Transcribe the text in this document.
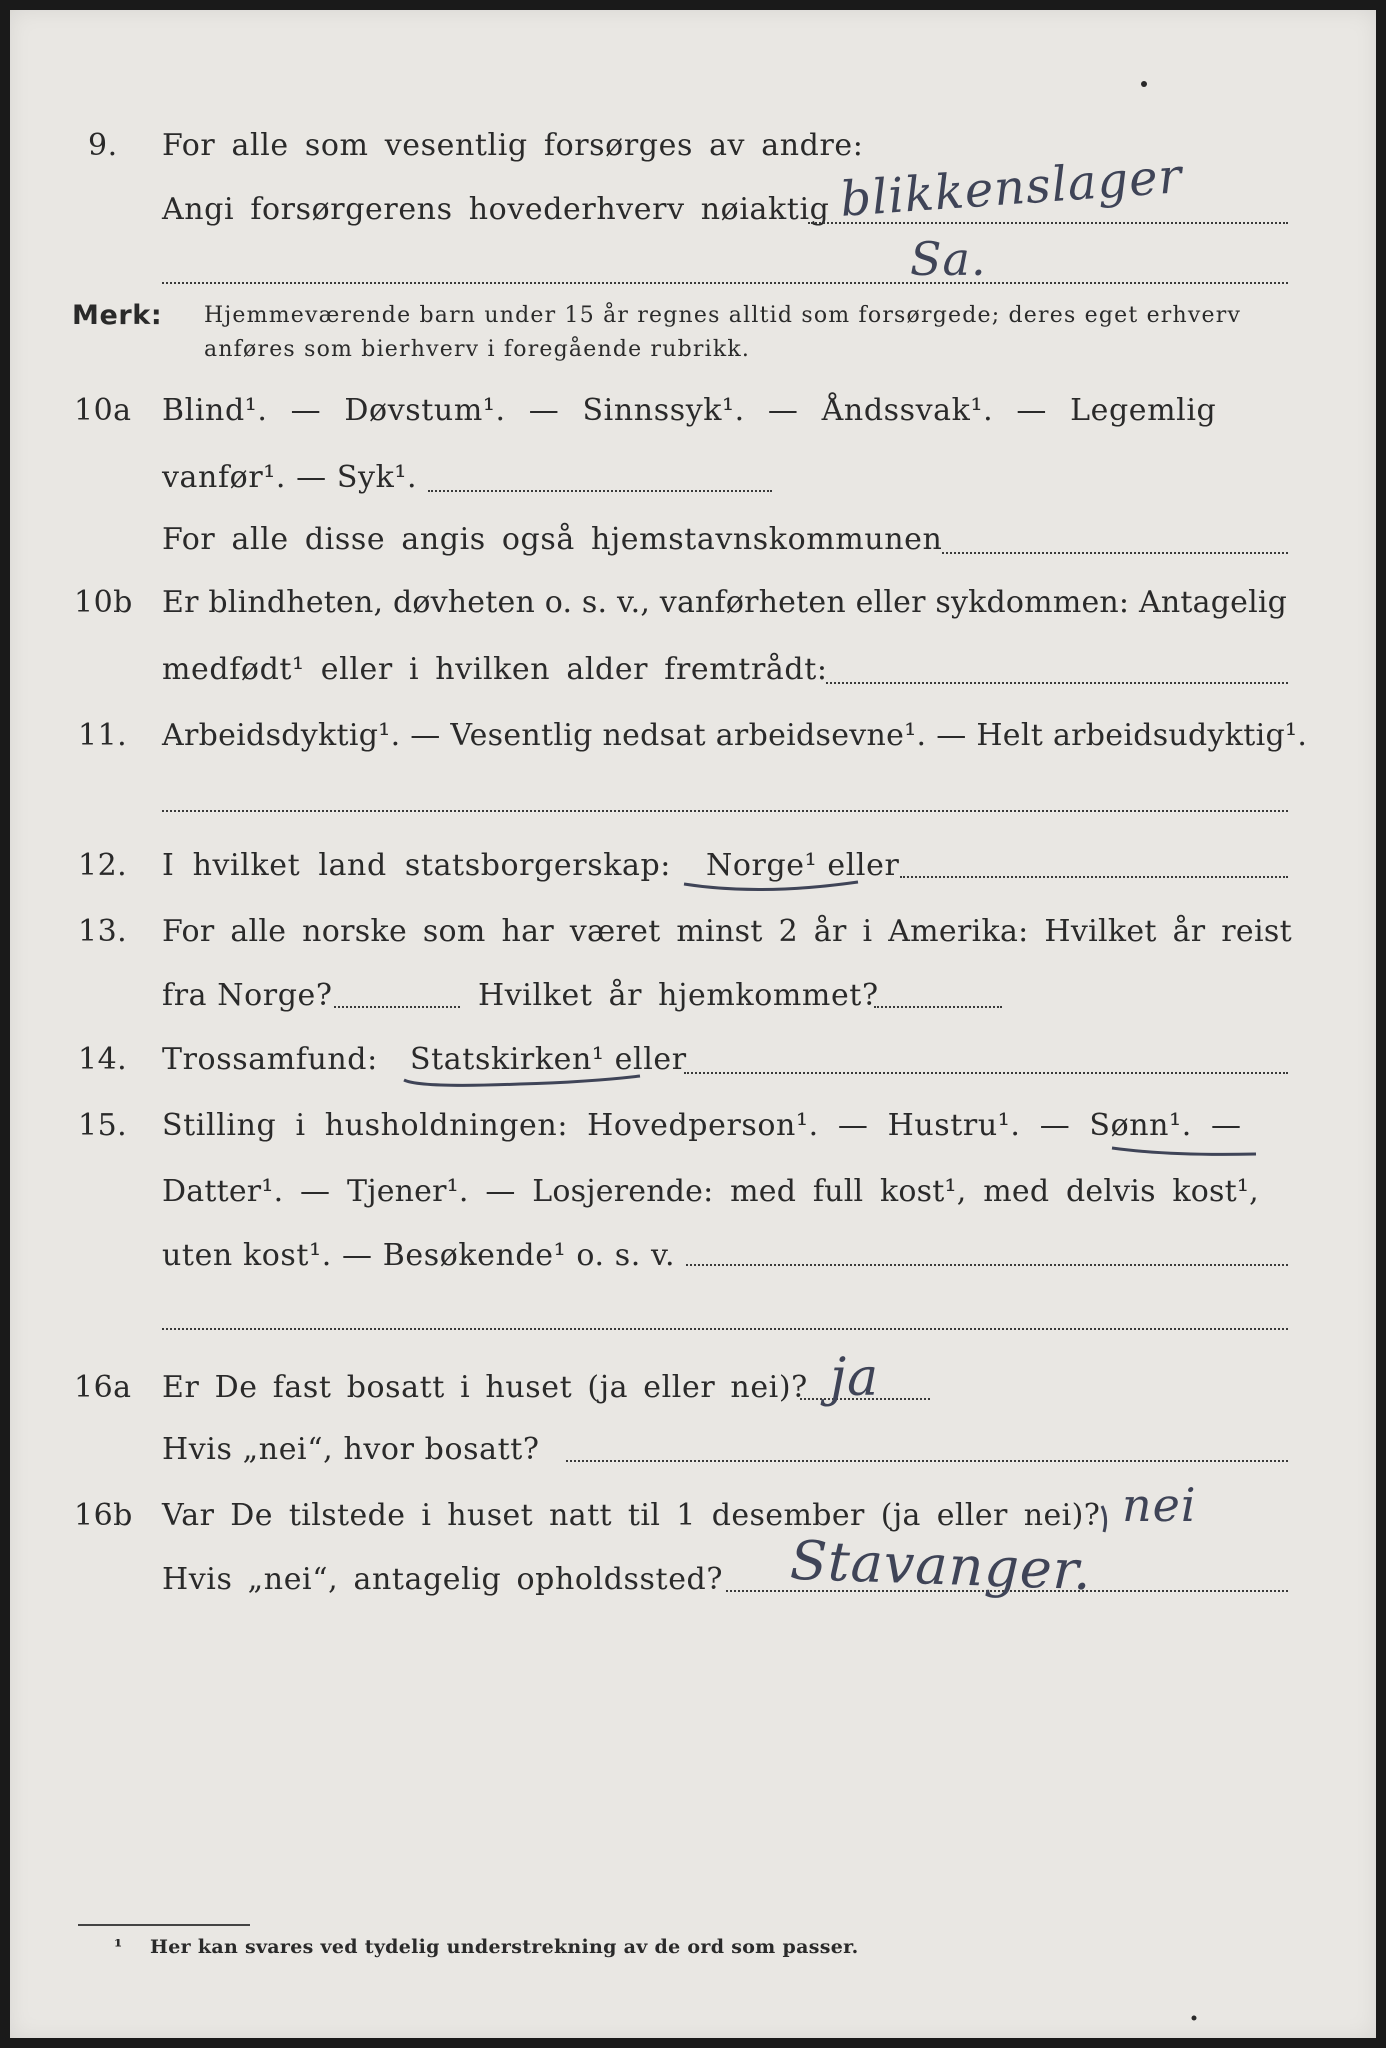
9. For alle som vesentlig forsørges av andre:
Angi forsørgerens hovederhverv nøiaktig blikkenslager
Sa.
Merk: Hjemmeværende barn under 15 år regnes alltid som forsørgede; deres eget erhverv
anføres som bierhverv i foregående rubrikk.
10a Blind¹. — Døvstum¹. — Sinnssyk¹. — Åndssvak¹. — Legemlig
vanfør¹. — Syk¹.
For alle disse angis også hjemstavnskommunen
10b Er blindheten, døvheten o. s. v., vanførheten eller sykdommen: Antagelig
medfødt¹ eller i hvilken alder fremtrådt:
11. Arbeidsdyktig¹. — Vesentlig nedsat arbeidsevne¹. — Helt arbeidsudyktig¹.
12. I hvilket land statsborgerskap: Norge¹ eller
13. For alle norske som har været minst 2 år i Amerika: Hvilket år reist
fra Norge?	Hvilket år hjemkommet?
14. Trossamfund: Statskirken¹ eller
15. Stilling i husholdningen: Hovedperson¹. — Hustru¹. — Sønn¹. —
Datter¹. — Tjener¹. — Losjerende: med full kost¹, med delvis kost¹,
uten kost¹. — Besøkende¹ o. s. v.
16a Er De fast bosatt i huset (ja eller nei)? ja
Hvis „nei“, hvor bosatt?
16b Var De tilstede i huset natt til 1 desember (ja eller nei)? nei
Hvis „nei“, antagelig opholdssted? Stavanger.
¹ Her kan svares ved tydelig understrekning av de ord som passer.
